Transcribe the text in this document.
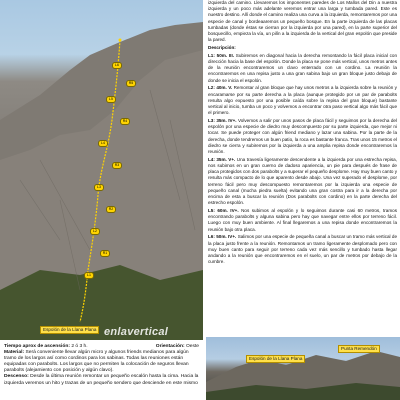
L6
L5
L4
L3
L2
L1
R5
R4
R3
R2
R1
Espolón de la Llana Plana enlavertical
Tiempo aprox de ascensión: 2 ó 3 h.	Orientación: Oeste
Material: Será conveniente llevar algún micro y algunos friends medianos para algún tramo de los largos así como cordinos para los sabinas. Todas las reuniones están equipadas con parabolts. Los largos que no permiten la colocación de seguros llevan parabolts (alejamiento con posición y algún clavo).
Descenso: Desde la última reunión remontar un pequeño escalón hasta la cima. Hacia la izquierda veremos un hito y trazas de un pequeño sendero que desciende en este mismo

izquierda del camino. Llevaremos los imponentes paredes de Los Mallos del Din a nuestra izquierda y un poco más adelante veremos entrar una larga y tumbada pared. Este es nuestro destino. Allí donde el camino realiza una curva a la izquierda, remontaremos por una especie de canal y bordeaaremos un pequeño bosque. En la parte izquierda de las placas tumbadas (donde éstas se cierran por la izquierda por una pared), en la parte superior del bosquecillo, empieza la vía, un pilín a la izquierda de la vertical del gran espolón que preside la pared.

Descripción:

L1: 50m. III. Subiremos en diagonal hacia la derecha remontando la fácil placa inicial con dirección hacia la base del espolón. Donde la placa se pone más vertical, unos metros antes de la reunión encontraremos un clavo enterrado con un cordino. La reunión la encontraremos en una repisa justo a una gran sabina bajo un gran bloque justo debajo de donde se inicia el espolón.

L2: 40m. V. Remontar al gran bloque que hay unos metros a la izquierda sobre la reunión y encaramarse por su parte derecha a la placa (aunque protegido por un par de parabolts resulta algo expuesto por una posible caída sobre la repisa del gran bloque) bastante vertical al inicio, tumba un poco y volvemos a encontrar otra paso vertical algo más fácil que el primero.

L3: 35m. IV+. Volvemos a salir por unos pasos de placa fácil y seguimos por la derecha del espolón por una especie de diedro muy descompuesto por su parte izquierda, que mejor ni tocar. Se puede proteger con algún friend mediano y lazar una sabina. Por la parte de la derecha, donde tendremos un buen patio, la roca es bastante franca. Tras unos 15 metros el diedro se cierra y subiremos por la izquierda a una amplia repisa donde encontraremos la reunión.

L4: 35m. V+. Una travesía ligeramente descendente a la izquierda por una estrecha repisa, nos subimos en un gran cuerno de dadoso apariencia, un pie para después de frase de placa protegidos con dos parabolts y a superar el pequeño desplome. Hay muy buen canto y resulta más compacto de lo que aparento desde abajo. Una vez superado el desplome, por terreno fácil pero muy descompuesto remontaremos por la izquierda una especie de pequeño canal (mucha piedra suelta) evitando una gran costra para ir a la derecha por encima de esta a buscar la reunión (Dos parabolts con cordino) en la parte derecha del estrecho espolón.

L5: 60m. IV+. Nos subimos al espolón y lo seguimos durante casi 60 metros, tramos encontrando parabolts y alguna sabina pero hay que navegar entre ellos por terreno fácil. Luego con muy buen ambiente. Al final llegaremos a una repisa donde encontraremos la reunión bajo otra placa.

L6: 50m. IV+. Salimos por una especie de pequeña canal a buscar un tramo más vertical de la placa justo frente a la reunión. Remontamos un tramo ligeramente desplomado pero con muy buen canto para seguir por terreno cada vez más sencillo y tumbado hasta llegar andando a la reunión que encontraremos en el suelo, un par de metros por debajo de la cumbre.

Espolón de la Llana Plana
Punta Remendón
